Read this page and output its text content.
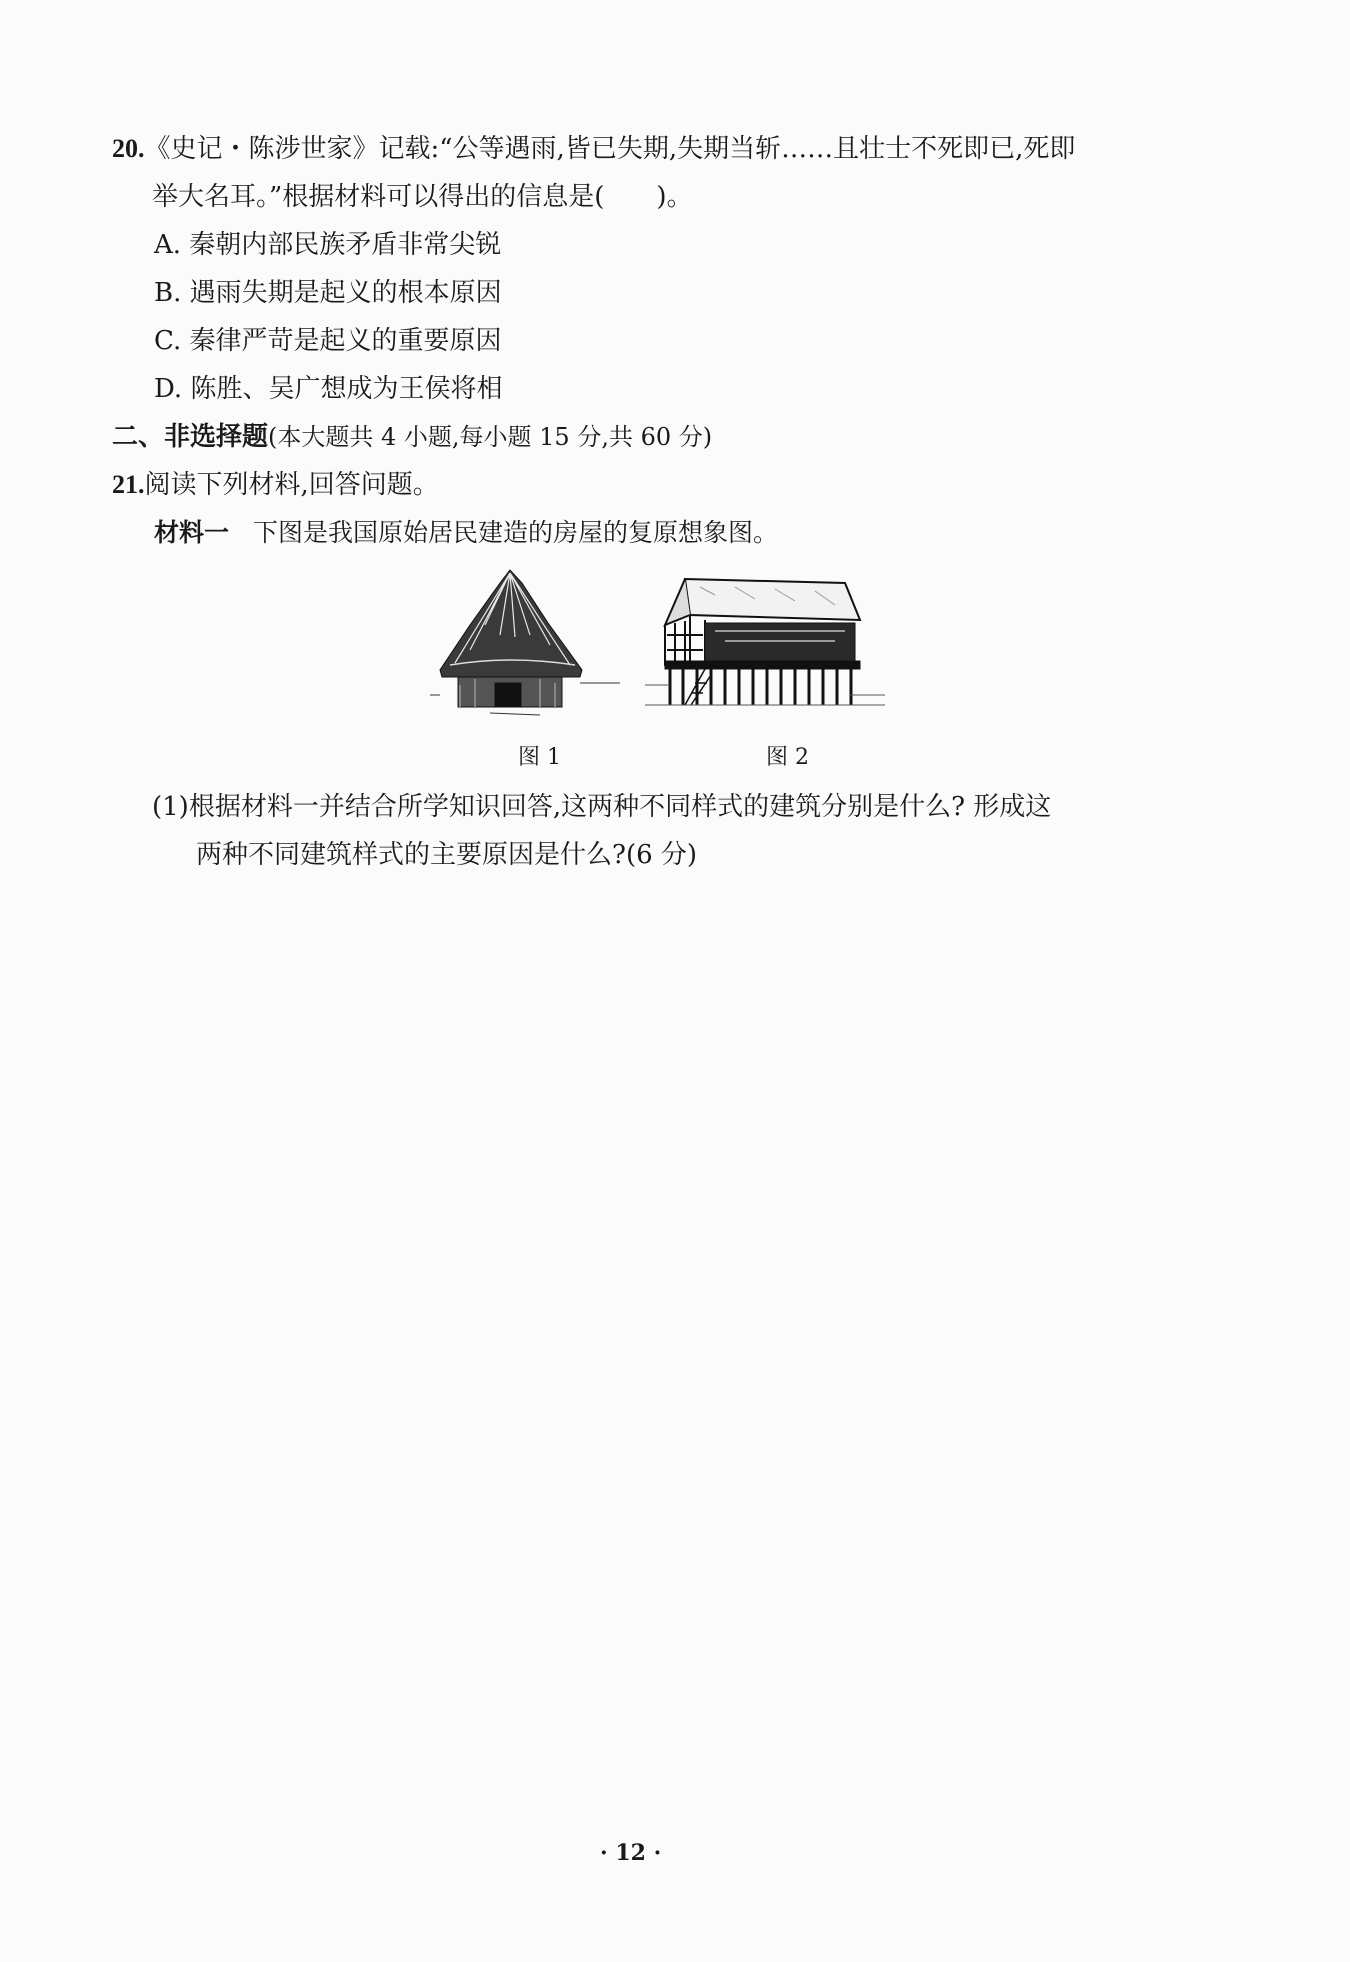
20.《史记・陈涉世家》记载:“公等遇雨,皆已失期,失期当斩……且壮士不死即已,死即
举大名耳。”根据材料可以得出的信息是(　　)。
A. 秦朝内部民族矛盾非常尖锐
B. 遇雨失期是起义的根本原因
C. 秦律严苛是起义的重要原因
D. 陈胜、吴广想成为王侯将相
二、非选择题(本大题共 4 小题,每小题 15 分,共 60 分)
21.阅读下列材料,回答问题。
材料一 下图是我国原始居民建造的房屋的复原想象图。
图 1	图 2
(1)根据材料一并结合所学知识回答,这两种不同样式的建筑分别是什么? 形成这
两种不同建筑样式的主要原因是什么?(6 分)
· 12 ·
